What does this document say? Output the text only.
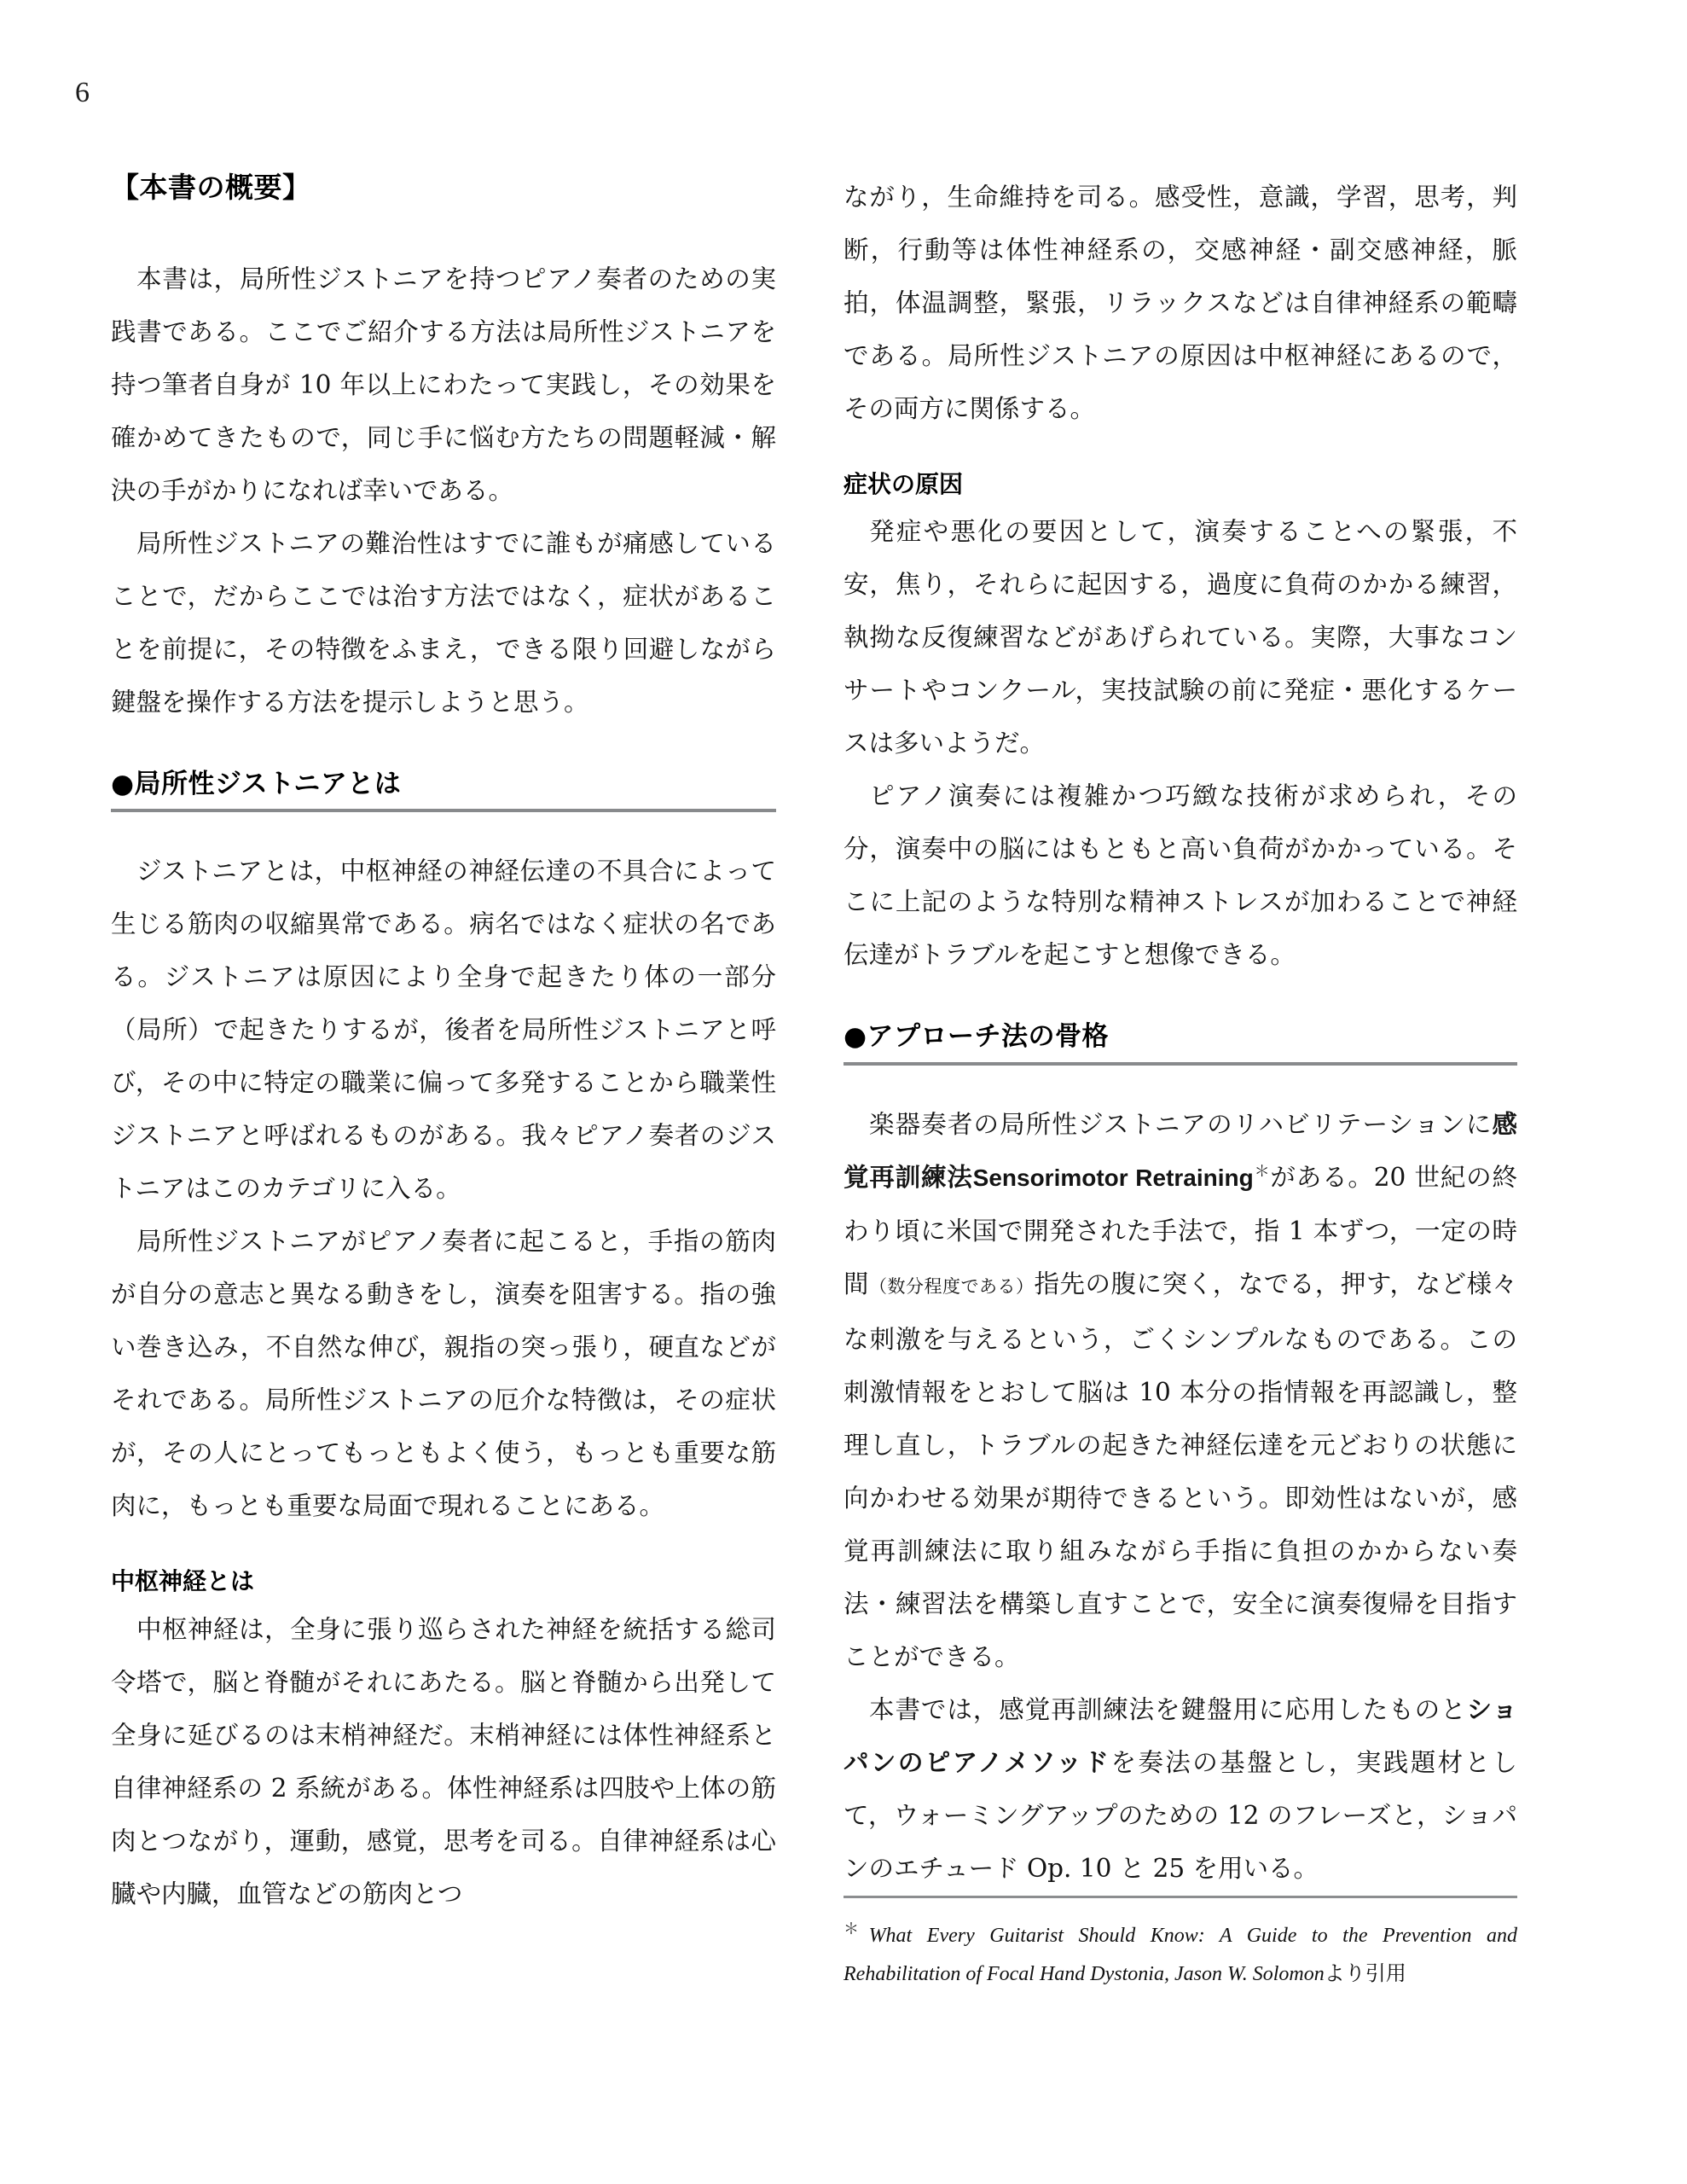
6
【本書の概要】

本書は，局所性ジストニアを持つピアノ奏者のための実践書である。ここでご紹介する方法は局所性ジストニアを持つ筆者自身が 10 年以上にわたって実践し，その効果を確かめてきたもので，同じ手に悩む方たちの問題軽減・解決の手がかりになれば幸いである。

局所性ジストニアの難治性はすでに誰もが痛感していることで，だからここでは治す方法ではなく，症状があることを前提に，その特徴をふまえ，できる限り回避しながら鍵盤を操作する方法を提示しようと思う。

●局所性ジストニアとは

ジストニアとは，中枢神経の神経伝達の不具合によって生じる筋肉の収縮異常である。病名ではなく症状の名である。ジストニアは原因により全身で起きたり体の一部分（局所）で起きたりするが，後者を局所性ジストニアと呼び，その中に特定の職業に偏って多発することから職業性ジストニアと呼ばれるものがある。我々ピアノ奏者のジストニアはこのカテゴリに入る。

局所性ジストニアがピアノ奏者に起こると，手指の筋肉が自分の意志と異なる動きをし，演奏を阻害する。指の強い巻き込み，不自然な伸び，親指の突っ張り，硬直などがそれである。局所性ジストニアの厄介な特徴は，その症状が，その人にとってもっともよく使う，もっとも重要な筋肉に，もっとも重要な局面で現れることにある。

中枢神経とは

中枢神経は，全身に張り巡らされた神経を統括する総司令塔で，脳と脊髄がそれにあたる。脳と脊髄から出発して全身に延びるのは末梢神経だ。末梢神経には体性神経系と自律神経系の 2 系統がある。体性神経系は四肢や上体の筋肉とつながり，運動，感覚，思考を司る。自律神経系は心臓や内臓，血管などの筋肉とつ

ながり，生命維持を司る。感受性，意識，学習，思考，判断，行動等は体性神経系の，交感神経・副交感神経，脈拍，体温調整，緊張，リラックスなどは自律神経系の範疇である。局所性ジストニアの原因は中枢神経にあるので，その両方に関係する。

症状の原因

発症や悪化の要因として，演奏することへの緊張，不安，焦り，それらに起因する，過度に負荷のかかる練習，執拗な反復練習などがあげられている。実際，大事なコンサートやコンクール，実技試験の前に発症・悪化するケースは多いようだ。

ピアノ演奏には複雑かつ巧緻な技術が求められ，その分，演奏中の脳にはもともと高い負荷がかかっている。そこに上記のような特別な精神ストレスが加わることで神経伝達がトラブルを起こすと想像できる。

●アプローチ法の骨格

楽器奏者の局所性ジストニアのリハビリテーションに感覚再訓練法Sensorimotor Retraining＊がある。20 世紀の終わり頃に米国で開発された手法で，指 1 本ずつ，一定の時間（数分程度である）指先の腹に突く，なでる，押す，など様々な刺激を与えるという，ごくシンプルなものである。この刺激情報をとおして脳は 10 本分の指情報を再認識し，整理し直し，トラブルの起きた神経伝達を元どおりの状態に向かわせる効果が期待できるという。即効性はないが，感覚再訓練法に取り組みながら手指に負担のかからない奏法・練習法を構築し直すことで，安全に演奏復帰を目指すことができる。

本書では，感覚再訓練法を鍵盤用に応用したものとショパンのピアノメソッドを奏法の基盤とし，実践題材として，ウォーミングアップのための 12 のフレーズと，ショパンのエチュード Op. 10 と 25 を用いる。

＊What Every Guitarist Should Know: A Guide to the Prevention and Rehabilitation of Focal Hand Dystonia, Jason W. Solomonより引用
